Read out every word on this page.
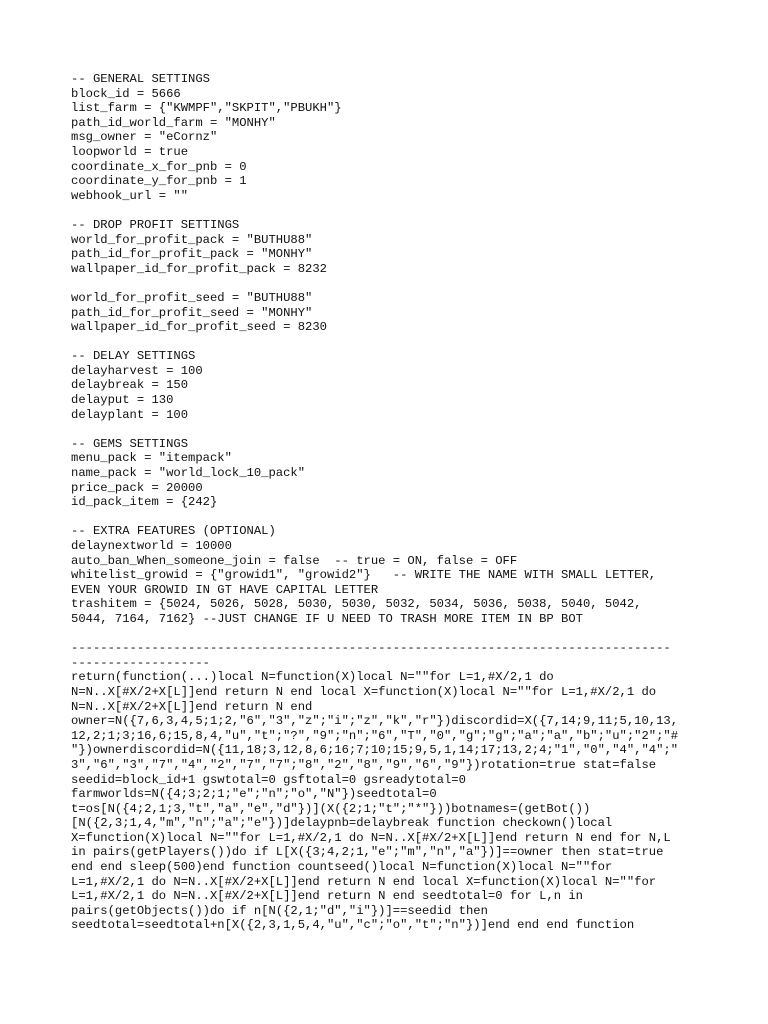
-- GENERAL SETTINGS
block_id = 5666
list_farm = {"KWMPF","SKPIT","PBUKH"}
path_id_world_farm = "MONHY"
msg_owner = "eCornz"
loopworld = true
coordinate_x_for_pnb = 0
coordinate_y_for_pnb = 1
webhook_url = ""
-- DROP PROFIT SETTINGS
world_for_profit_pack = "BUTHU88"
path_id_for_profit_pack = "MONHY"
wallpaper_id_for_profit_pack = 8232
world_for_profit_seed = "BUTHU88"
path_id_for_profit_seed = "MONHY"
wallpaper_id_for_profit_seed = 8230
-- DELAY SETTINGS
delayharvest = 100
delaybreak = 150
delayput = 130
delayplant = 100
-- GEMS SETTINGS
menu_pack = "itempack"
name_pack = "world_lock_10_pack"
price_pack = 20000
id_pack_item = {242}
-- EXTRA FEATURES (OPTIONAL)
delaynextworld = 10000
auto_ban_When_someone_join = false  -- true = ON, false = OFF
whitelist_growid = {"growid1", "growid2"}   -- WRITE THE NAME WITH SMALL LETTER,
EVEN YOUR GROWID IN GT HAVE CAPITAL LETTER
trashitem = {5024, 5026, 5028, 5030, 5030, 5032, 5034, 5036, 5038, 5040, 5042,
5044, 7164, 7162} --JUST CHANGE IF U NEED TO TRASH MORE ITEM IN BP BOT
----------------------------------------------------------------------------------
-------------------
return(function(...)local N=function(X)local N=""for L=1,#X/2,1 do
N=N..X[#X/2+X[L]]end return N end local X=function(X)local N=""for L=1,#X/2,1 do
N=N..X[#X/2+X[L]]end return N end
owner=N({7,6,3,4,5;1;2,"6","3","z";"i";"z","k","r"})discordid=X({7,14;9,11;5,10,13,
12,2;1;3;16,6;15,8,4,"u","t";"?","9";"n";"6","T","0","g";"g";"a";"a","b";"u";"2";"#
"})ownerdiscordid=N({11,18;3,12,8,6;16;7;10;15;9,5,1,14;17;13,2;4;"1","0","4","4";"
3","6","3","7","4","2","7","7";"8","2","8","9","6","9"})rotation=true stat=false
seedid=block_id+1 gswtotal=0 gsftotal=0 gsreadytotal=0
farmworlds=N({4;3;2;1;"e";"n";"o","N"})seedtotal=0
t=os[N({4;2,1;3,"t","a","e","d"})](X({2;1;"t";"*"}))botnames=(getBot())
[N({2,3;1,4,"m","n";"a";"e"})]delaypnb=delaybreak function checkown()local
X=function(X)local N=""for L=1,#X/2,1 do N=N..X[#X/2+X[L]]end return N end for N,L
in pairs(getPlayers())do if L[X({3;4,2;1,"e";"m","n","a"})]==owner then stat=true
end end sleep(500)end function countseed()local N=function(X)local N=""for
L=1,#X/2,1 do N=N..X[#X/2+X[L]]end return N end local X=function(X)local N=""for
L=1,#X/2,1 do N=N..X[#X/2+X[L]]end return N end seedtotal=0 for L,n in
pairs(getObjects())do if n[N({2,1;"d","i"})]==seedid then
seedtotal=seedtotal+n[X({2,3,1,5,4,"u","c";"o","t";"n"})]end end end function
